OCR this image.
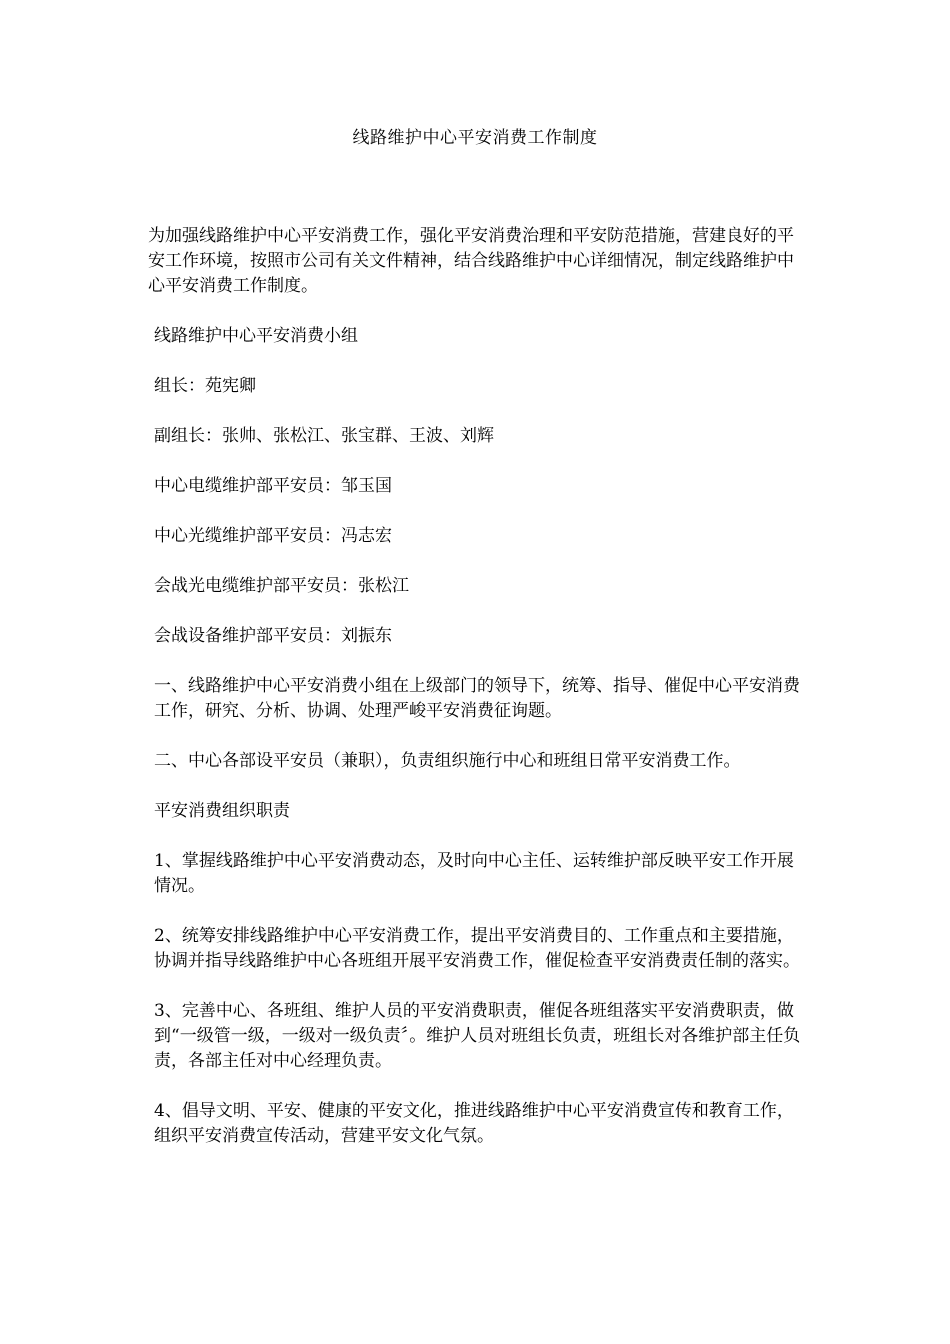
线路维护中心平安消费工作制度

为加强线路维护中心平安消费工作，强化平安消费治理和平安防范措施，营建良好的平安工作环境，按照市公司有关文件精神，结合线路维护中心详细情况，制定线路维护中心平安消费工作制度。

线路维护中心平安消费小组

组长：苑宪卿

副组长：张帅、张松江、张宝群、王波、刘辉

中心电缆维护部平安员：邹玉国

中心光缆维护部平安员：冯志宏

会战光电缆维护部平安员：张松江

会战设备维护部平安员：刘振东

一、线路维护中心平安消费小组在上级部门的领导下，统筹、指导、催促中心平安消费工作，研究、分析、协调、处理严峻平安消费征询题。

二、中心各部设平安员（兼职），负责组织施行中心和班组日常平安消费工作。

平安消费组织职责

1、掌握线路维护中心平安消费动态，及时向中心主任、运转维护部反映平安工作开展情况。

2、统筹安排线路维护中心平安消费工作，提出平安消费目的、工作重点和主要措施，协调并指导线路维护中心各班组开展平安消费工作，催促检查平安消费责任制的落实。

3、完善中心、各班组、维护人员的平安消费职责，催促各班组落实平安消费职责，做到“一级管一级，一级对一级负责〞。维护人员对班组长负责，班组长对各维护部主任负责，各部主任对中心经理负责。

4、倡导文明、平安、健康的平安文化，推进线路维护中心平安消费宣传和教育工作，组织平安消费宣传活动，营建平安文化气氛。
